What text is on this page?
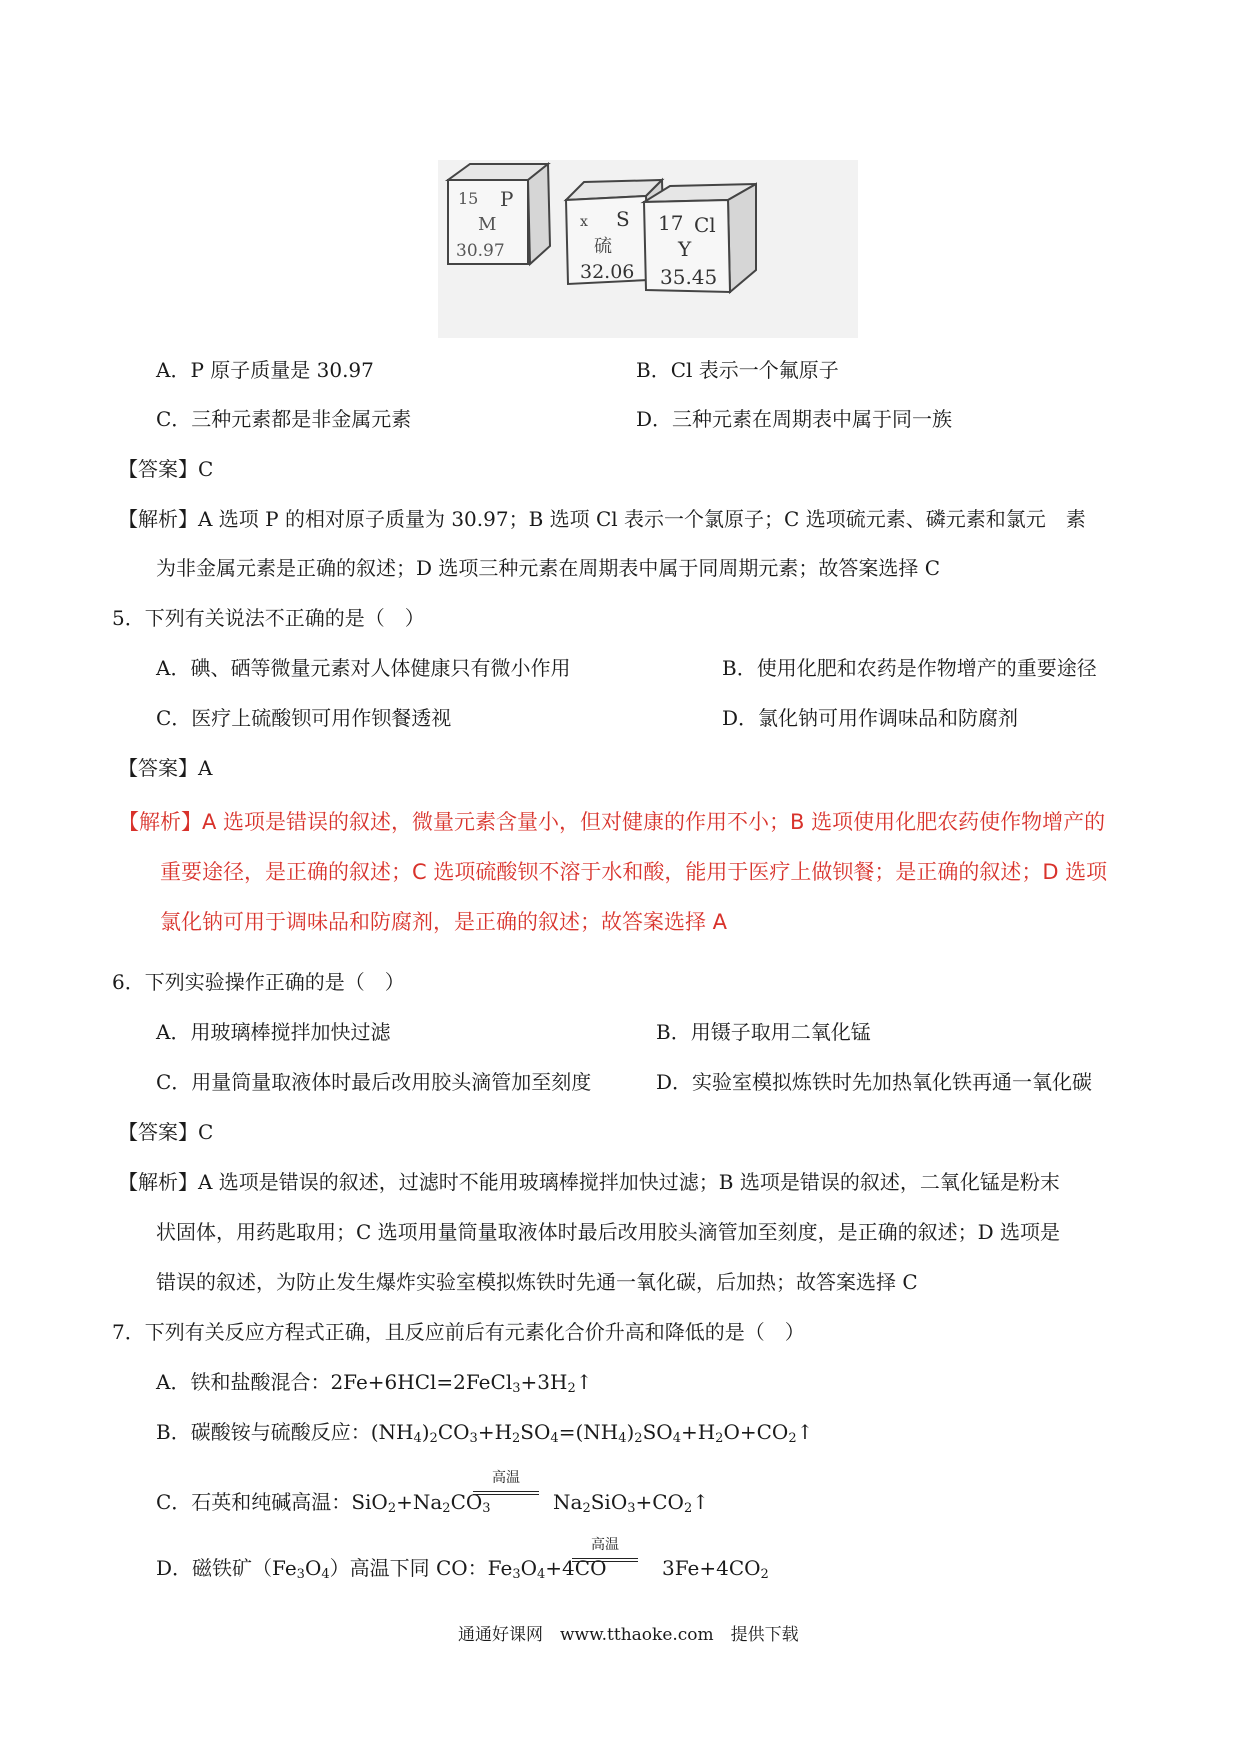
15 P
M
30.97
x S
硫
32.06
17 Cl
Y
35.45
A．P 原子质量是 30.97	B．Cl 表示一个氟原子
C．三种元素都是非金属元素	D．三种元素在周期表中属于同一族
【答案】C
【解析】A 选项 P 的相对原子质量为 30.97；B 选项 Cl 表示一个氯原子；C 选项硫元素、磷元素和氯元　素
为非金属元素是正确的叙述；D 选项三种元素在周期表中属于同周期元素；故答案选择 C
5．下列有关说法不正确的是（　）
A．碘、硒等微量元素对人体健康只有微小作用	B．使用化肥和农药是作物增产的重要途径
C．医疗上硫酸钡可用作钡餐透视	D．氯化钠可用作调味品和防腐剂
【答案】A
【解析】A 选项是错误的叙述，微量元素含量小，但对健康的作用不小；B 选项使用化肥农药使作物增产的
重要途径，是正确的叙述；C 选项硫酸钡不溶于水和酸，能用于医疗上做钡餐；是正确的叙述；D 选项
氯化钠可用于调味品和防腐剂，是正确的叙述；故答案选择 A
6．下列实验操作正确的是（　）
A．用玻璃棒搅拌加快过滤	B．用镊子取用二氧化锰
C．用量筒量取液体时最后改用胶头滴管加至刻度	D．实验室模拟炼铁时先加热氧化铁再通一氧化碳
【答案】C
【解析】A 选项是错误的叙述，过滤时不能用玻璃棒搅拌加快过滤；B 选项是错误的叙述，二氧化锰是粉末
状固体，用药匙取用；C 选项用量筒量取液体时最后改用胶头滴管加至刻度，是正确的叙述；D 选项是
错误的叙述，为防止发生爆炸实验室模拟炼铁时先通一氧化碳，后加热；故答案选择 C
7．下列有关反应方程式正确，且反应前后有元素化合价升高和降低的是（　）
A．铁和盐酸混合：$2Fe+6HCl=2FeCl_3+3H_2↑$
B．碳酸铵与硫酸反应：$(NH_4)_2CO_3+H_2SO_4=(NH_4)_2SO_4+H_2O+CO_2↑$
C．石英和纯碱高温：$SiO_2+Na_2CO_3$
高温
$Na_2SiO_3+CO_2↑$
D．磁铁矿$(Fe_3O_4)$高温下同 CO：$Fe_3O_4+4CO$
高温
$3Fe+4CO_2$
通通好课网　www.tthaoke.com　提供下载
